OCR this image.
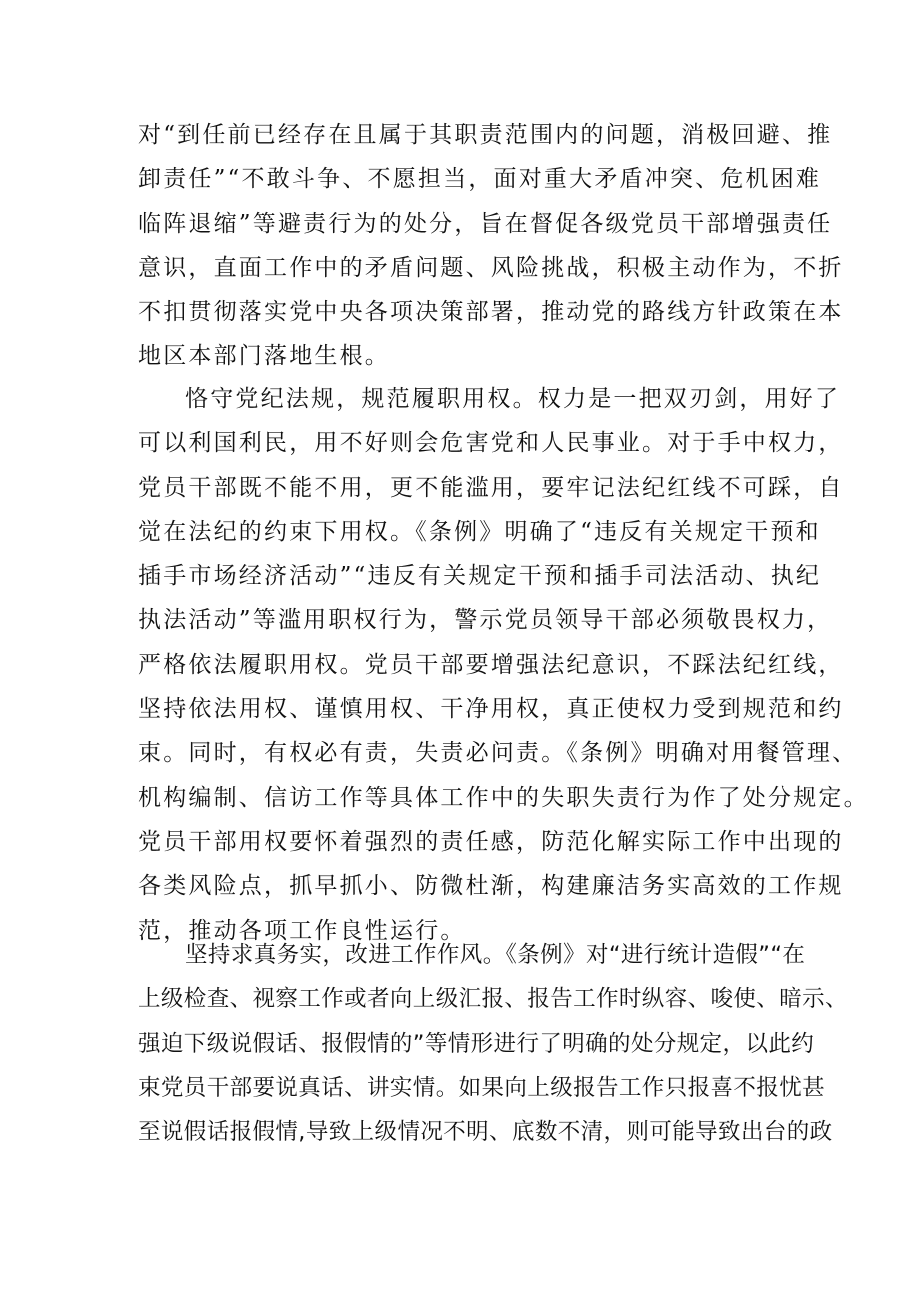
对“到任前已经存在且属于其职责范围内的问题，消极回避、推
卸责任”“不敢斗争、不愿担当，面对重大矛盾冲突、危机困难
临阵退缩”等避责行为的处分，旨在督促各级党员干部增强责任
意识，直面工作中的矛盾问题、风险挑战，积极主动作为，不折
不扣贯彻落实党中央各项决策部署，推动党的路线方针政策在本
地区本部门落地生根。
恪守党纪法规，规范履职用权。权力是一把双刃剑，用好了
可以利国利民，用不好则会危害党和人民事业。对于手中权力，
党员干部既不能不用，更不能滥用，要牢记法纪红线不可踩，自
觉在法纪的约束下用权。《条例》明确了“违反有关规定干预和
插手市场经济活动”“违反有关规定干预和插手司法活动、执纪
执法活动”等滥用职权行为，警示党员领导干部必须敬畏权力，
严格依法履职用权。党员干部要增强法纪意识，不踩法纪红线，
坚持依法用权、谨慎用权、干净用权，真正使权力受到规范和约
束。同时，有权必有责，失责必问责。《条例》明确对用餐管理、
机构编制、信访工作等具体工作中的失职失责行为作了处分规定。
党员干部用权要怀着强烈的责任感，防范化解实际工作中出现的
各类风险点，抓早抓小、防微杜渐，构建廉洁务实高效的工作规
范，推动各项工作良性运行。
坚持求真务实，改进工作作风。《条例》对“进行统计造假”“在
上级检查、视察工作或者向上级汇报、报告工作时纵容、唆使、暗示、
强迫下级说假话、报假情的”等情形进行了明确的处分规定，以此约
束党员干部要说真话、讲实情。如果向上级报告工作只报喜不报忧甚
至说假话报假情,导致上级情况不明、底数不清，则可能导致出台的政
